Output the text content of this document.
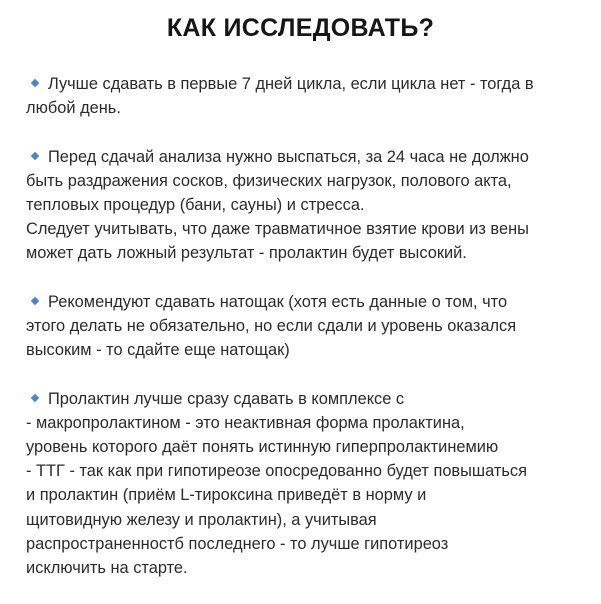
КАК ИССЛЕДОВАТЬ?
Лучше сдавать в первые 7 дней цикла, если цикла нет - тогда в
любой день.
Перед сдачай анализа нужно выспаться, за 24 часа не должно
быть раздражения сосков, физических нагрузок, полового акта,
тепловых процедур (бани, сауны) и стресса.
Следует учитывать, что даже травматичное взятие крови из вены
может дать ложный результат - пролактин будет высокий.
Рекомендуют сдавать натощак (хотя есть данные о том, что
этого делать не обязательно, но если сдали и уровень оказался
высоким - то сдайте еще натощак)
Пролактин лучше сразу сдавать в комплексе с
- макропролактином - это неактивная форма пролактина,
уровень которого даёт понять истинную гиперпролактинемию
- ТТГ - так как при гипотиреозе опосредованно будет повышаться
и пролактин (приём L-тироксина приведёт в норму и
щитовидную железу и пролактин), а учитывая
распространенностб последнего - то лучше гипотиреоз
исключить на старте.
